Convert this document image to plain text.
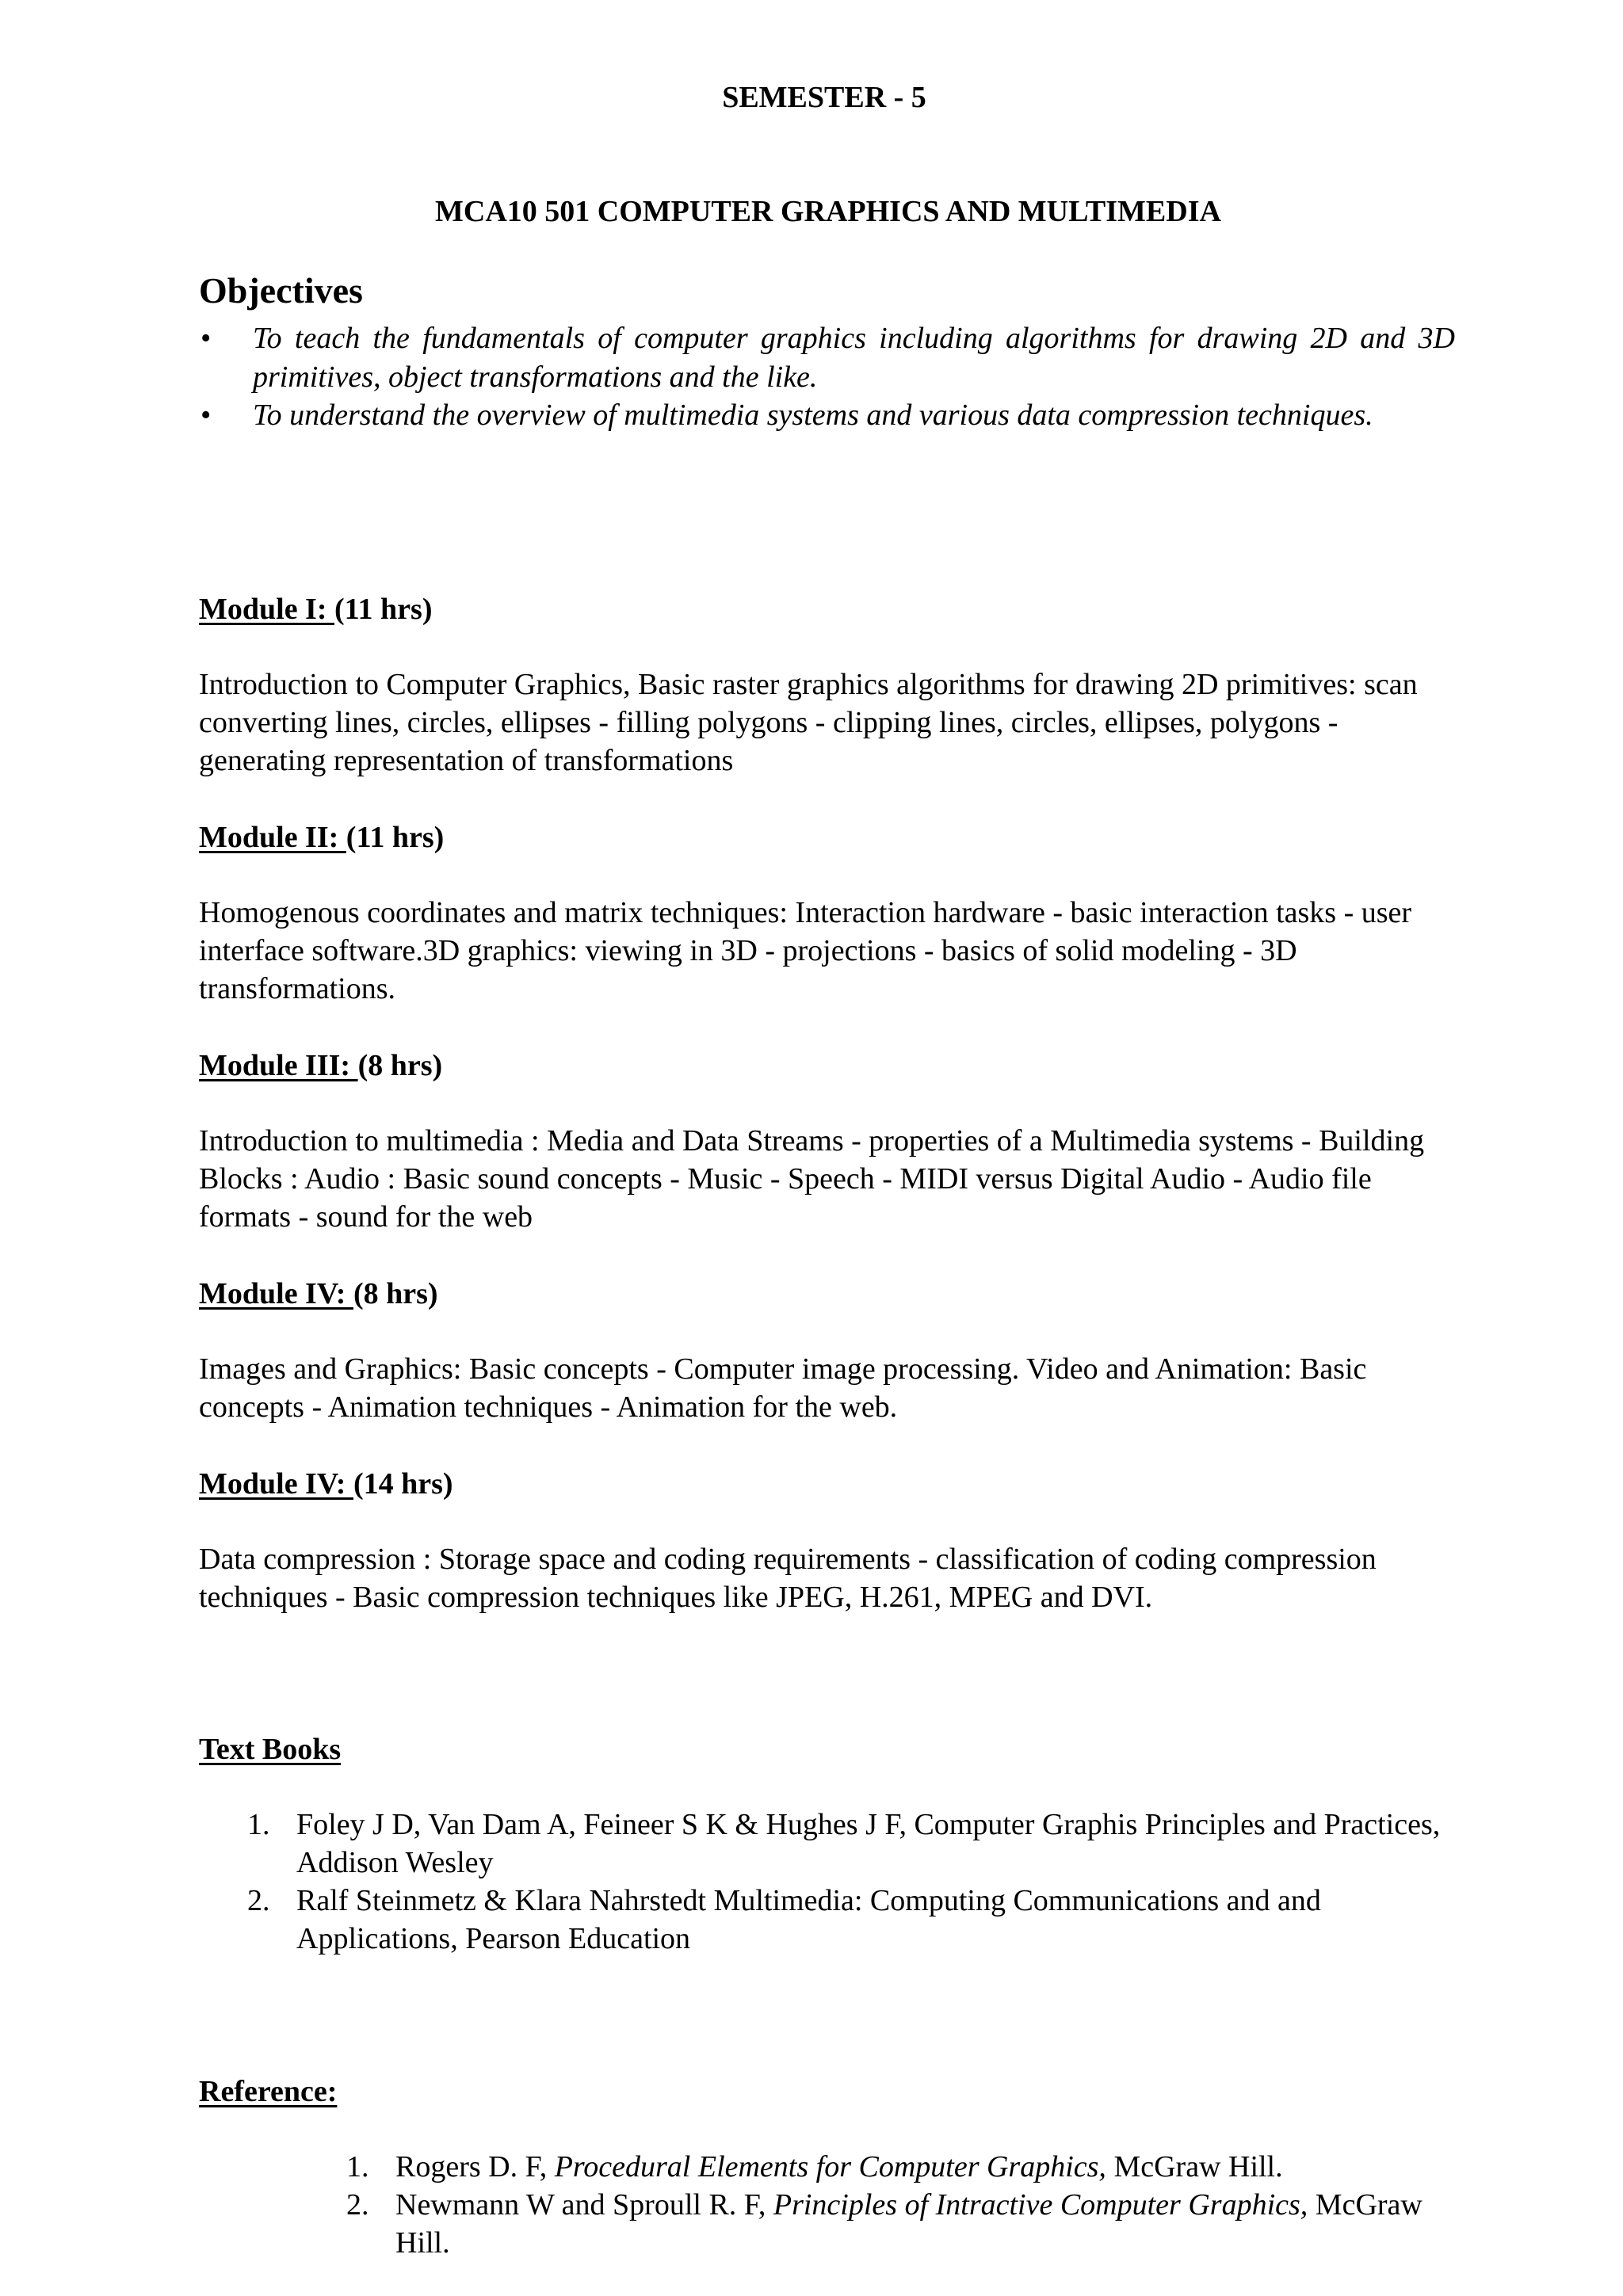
SEMESTER - 5
MCA10 501 COMPUTER GRAPHICS AND MULTIMEDIA
Objectives
• To teach the fundamentals of computer graphics including algorithms for drawing 2D and 3D primitives, object transformations and the like.
• To understand the overview of multimedia systems and various data compression techniques.
Module I: (11 hrs)
Introduction to Computer Graphics, Basic raster graphics algorithms for drawing 2D primitives: scan converting lines, circles, ellipses - filling polygons - clipping lines, circles, ellipses, polygons - generating representation of transformations
Module II: (11 hrs)
Homogenous coordinates and matrix techniques: Interaction hardware - basic interaction tasks - user interface software.3D graphics: viewing in 3D - projections - basics of solid modeling - 3D transformations.
Module III: (8 hrs)
Introduction to multimedia : Media and Data Streams - properties of a Multimedia systems - Building Blocks : Audio : Basic sound concepts - Music - Speech - MIDI versus Digital Audio - Audio file formats - sound for the web
Module IV: (8 hrs)
Images and Graphics: Basic concepts - Computer image processing. Video and Animation: Basic concepts - Animation techniques - Animation for the web.
Module IV: (14 hrs)
Data compression : Storage space and coding requirements - classification of coding compression techniques - Basic compression techniques like JPEG, H.261, MPEG and DVI.
Text Books
1. Foley J D, Van Dam A, Feineer S K & Hughes J F, Computer Graphis Principles and Practices, Addison Wesley
2. Ralf Steinmetz & Klara Nahrstedt Multimedia: Computing Communications and and Applications, Pearson Education
Reference:
1. Rogers D. F, Procedural Elements for Computer Graphics, McGraw Hill.
2. Newmann W and Sproull R. F, Principles of Intractive Computer Graphics, McGraw Hill.
